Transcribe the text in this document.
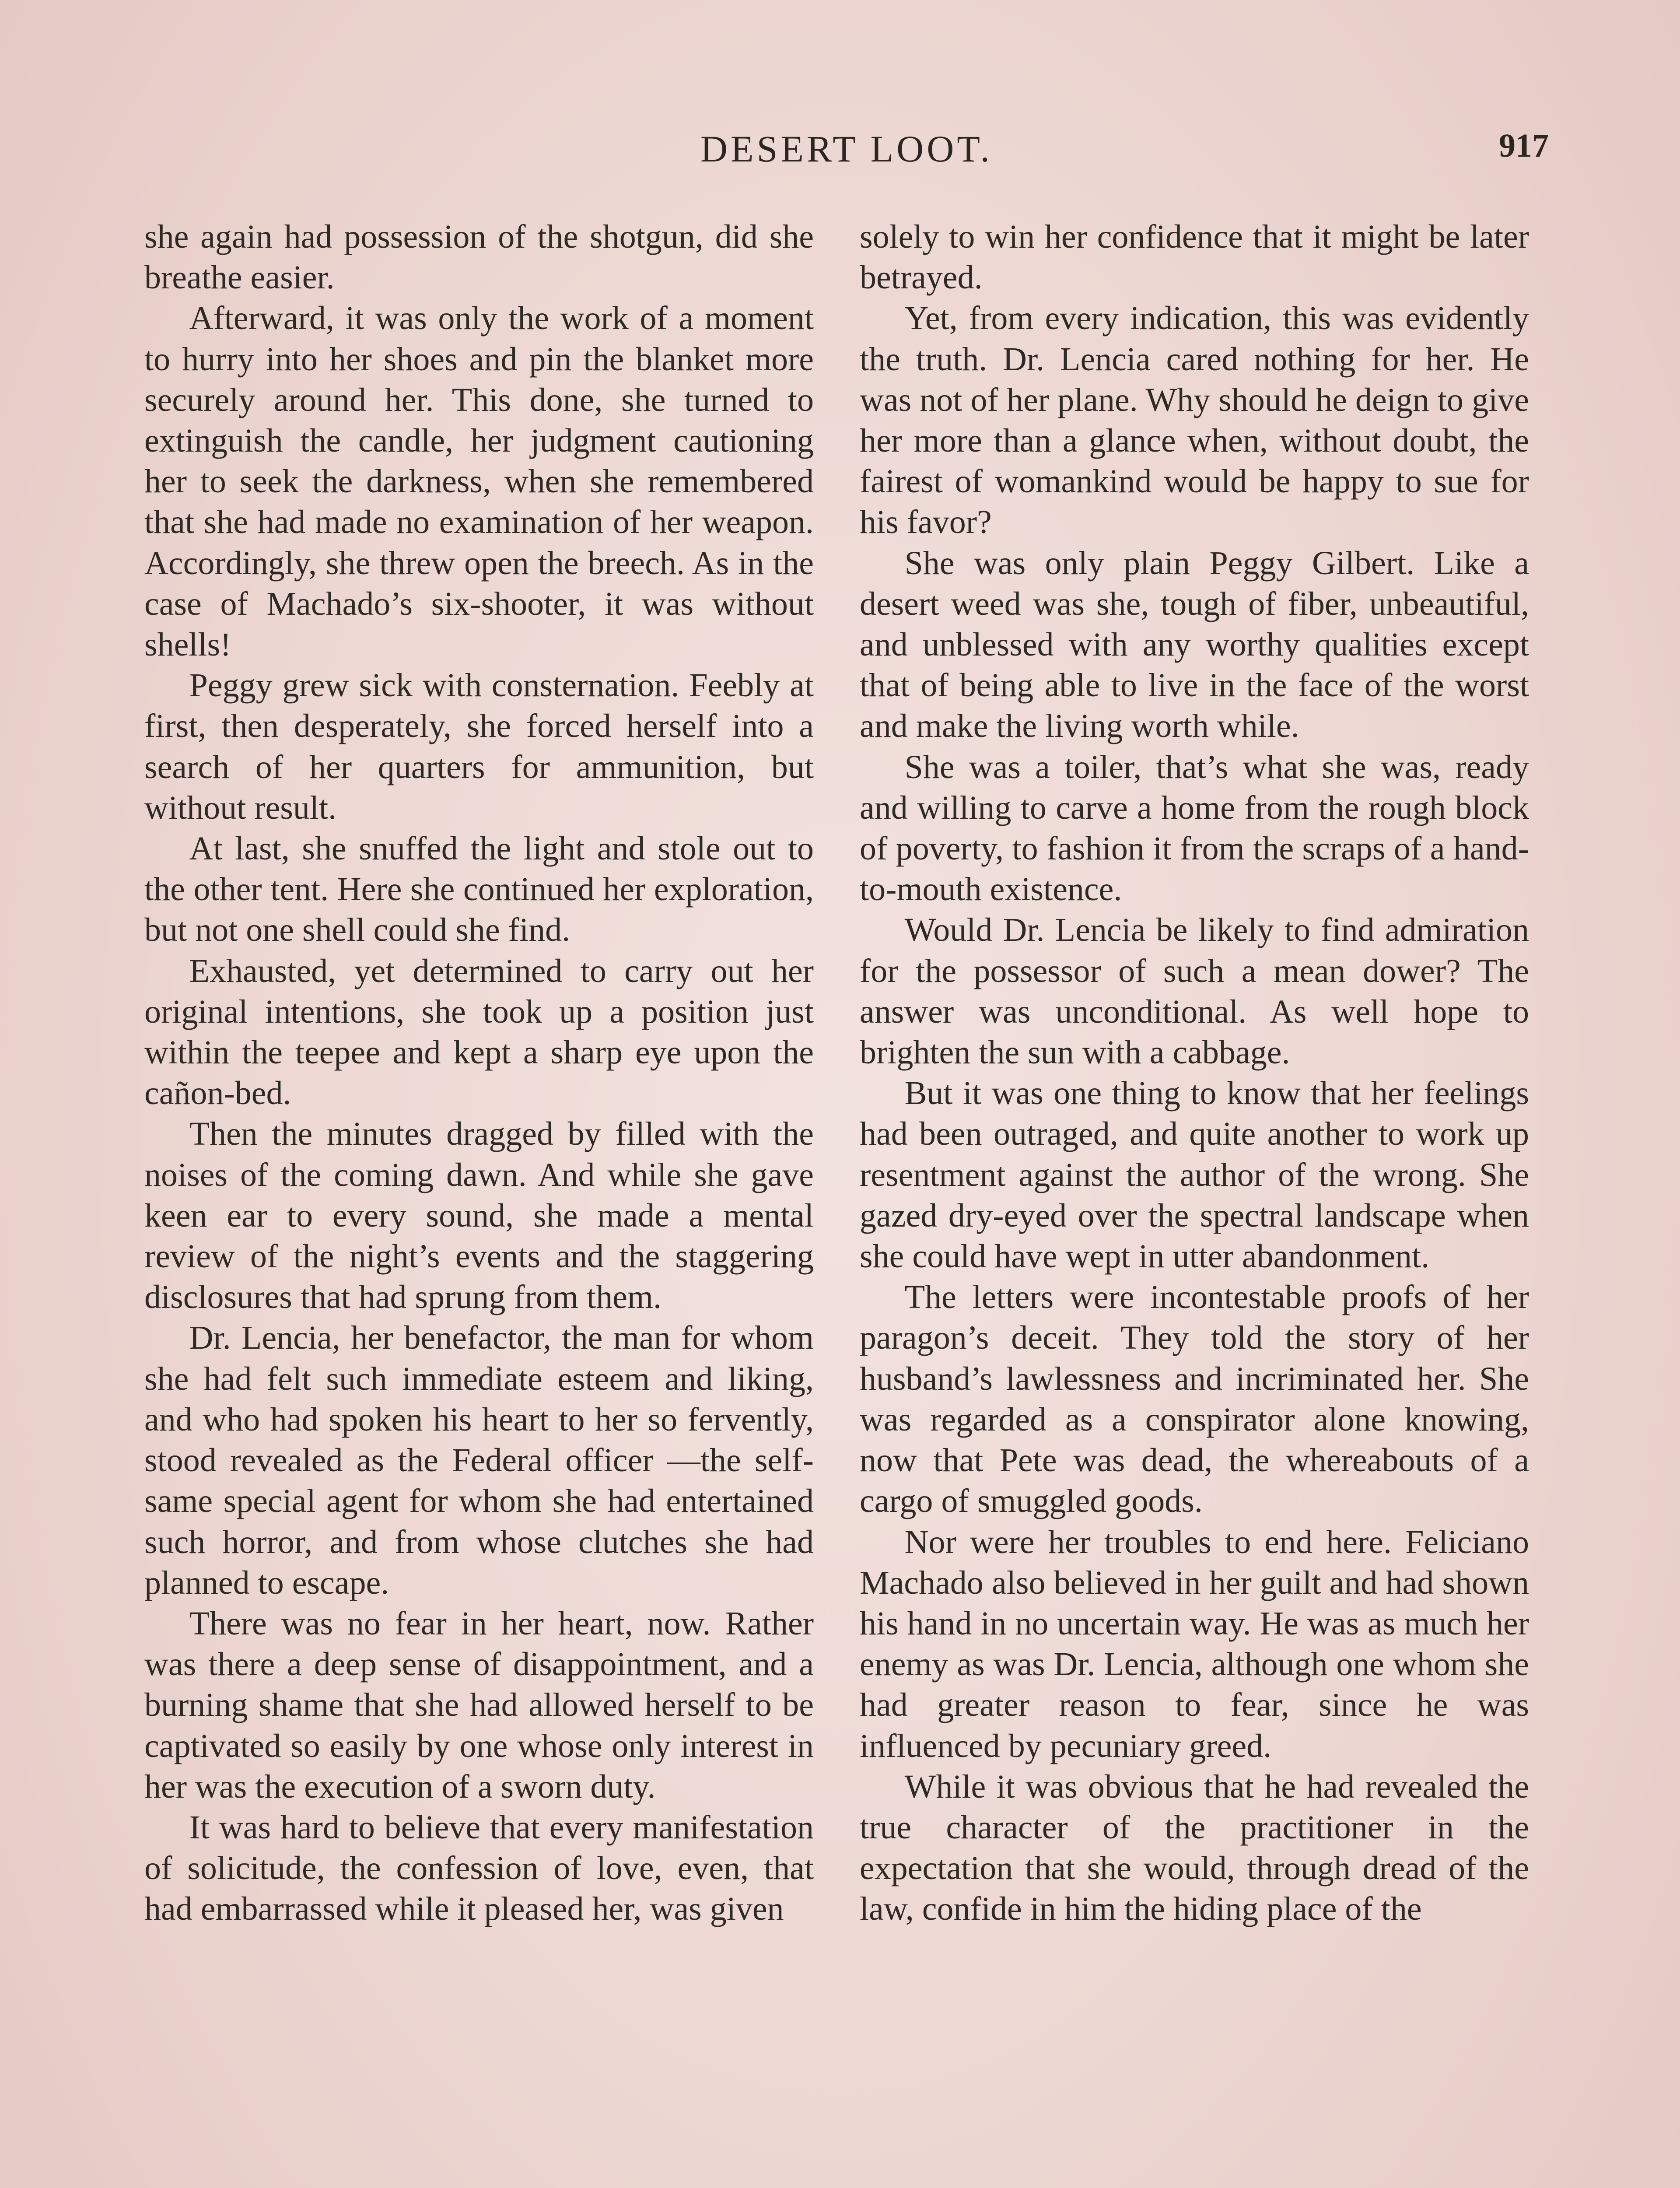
DESERT LOOT.	917

she again had possession of the shotgun, did she breathe easier.

Afterward, it was only the work of a moment to hurry into her shoes and pin the blanket more securely around her. This done, she turned to extinguish the candle, her judgment cautioning her to seek the darkness, when she remembered that she had made no examination of her weapon. Accordingly, she threw open the breech. As in the case of Machado’s six-shooter, it was without shells!

Peggy grew sick with consternation. Feebly at first, then desperately, she forced herself into a search of her quarters for ammunition, but without result.

At last, she snuffed the light and stole out to the other tent. Here she continued her exploration, but not one shell could she find.

Exhausted, yet determined to carry out her original intentions, she took up a position just within the teepee and kept a sharp eye upon the cañon-bed.

Then the minutes dragged by filled with the noises of the coming dawn. And while she gave keen ear to every sound, she made a mental review of the night’s events and the staggering disclosures that had sprung from them.

Dr. Lencia, her benefactor, the man for whom she had felt such immediate esteem and liking, and who had spoken his heart to her so fervently, stood revealed as the Federal officer —the self-same special agent for whom she had entertained such horror, and from whose clutches she had planned to escape.

There was no fear in her heart, now. Rather was there a deep sense of disappointment, and a burning shame that she had allowed herself to be captivated so easily by one whose only interest in her was the execution of a sworn duty.

It was hard to believe that every manifestation of solicitude, the confession of love, even, that had embarrassed while it pleased her, was given

solely to win her confidence that it might be later betrayed.

Yet, from every indication, this was evidently the truth. Dr. Lencia cared nothing for her. He was not of her plane. Why should he deign to give her more than a glance when, without doubt, the fairest of womankind would be happy to sue for his favor?

She was only plain Peggy Gilbert. Like a desert weed was she, tough of fiber, unbeautiful, and unblessed with any worthy qualities except that of being able to live in the face of the worst and make the living worth while.

She was a toiler, that’s what she was, ready and willing to carve a home from the rough block of poverty, to fashion it from the scraps of a hand-to-mouth existence.

Would Dr. Lencia be likely to find admiration for the possessor of such a mean dower? The answer was unconditional. As well hope to brighten the sun with a cabbage.

But it was one thing to know that her feelings had been outraged, and quite another to work up resentment against the author of the wrong. She gazed dry-eyed over the spectral landscape when she could have wept in utter abandonment.

The letters were incontestable proofs of her paragon’s deceit. They told the story of her husband’s lawlessness and incriminated her. She was regarded as a conspirator alone knowing, now that Pete was dead, the whereabouts of a cargo of smuggled goods.

Nor were her troubles to end here. Feliciano Machado also believed in her guilt and had shown his hand in no uncertain way. He was as much her enemy as was Dr. Lencia, although one whom she had greater reason to fear, since he was influenced by pecuniary greed.

While it was obvious that he had revealed the true character of the practitioner in the expectation that she would, through dread of the law, confide in him the hiding place of the
